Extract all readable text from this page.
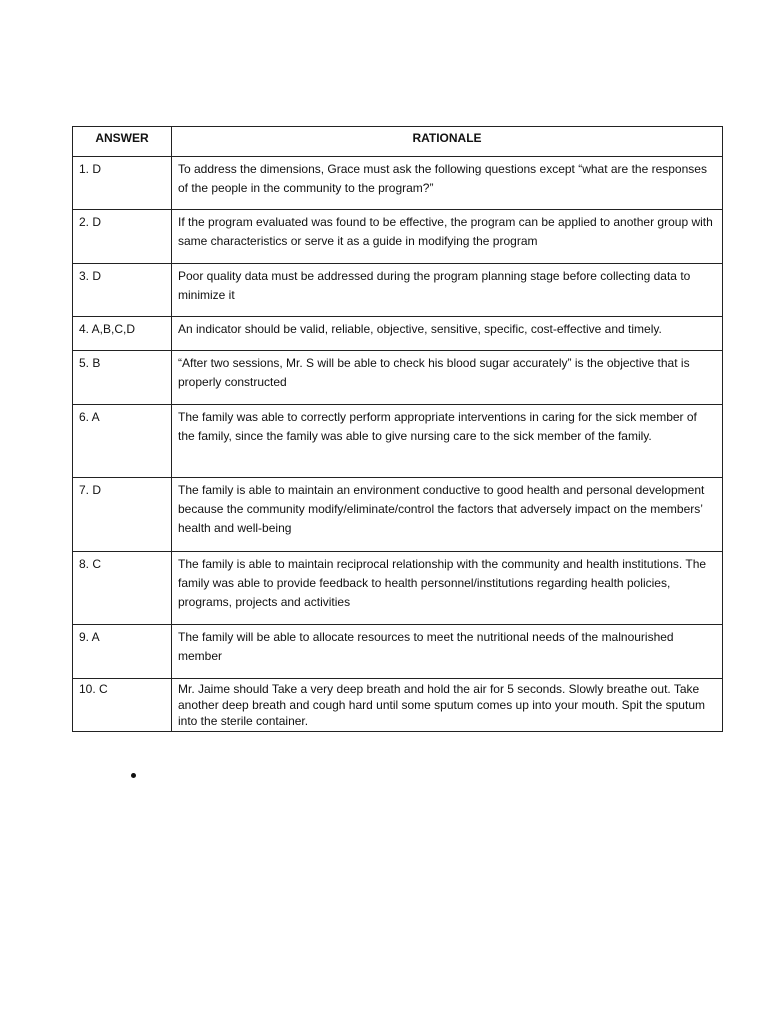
ANSWER	RATIONALE
1. D	To address the dimensions, Grace must ask the following questions except “what are the responses of the people in the community to the program?”
2. D	If the program evaluated was found to be effective, the program can be applied to another group with same characteristics or serve it as a guide in modifying the program
3. D	Poor quality data must be addressed during the program planning stage before collecting data to minimize it
4. A,B,C,D	An indicator should be valid, reliable, objective, sensitive, specific, cost-effective and timely.
5. B	“After two sessions, Mr. S will be able to check his blood sugar accurately” is the objective that is properly constructed
6. A	The family was able to correctly perform appropriate interventions in caring for the sick member of the family, since the family was able to give nursing care to the sick member of the family.
7. D	The family is able to maintain an environment conductive to good health and personal development because the community modify/eliminate/control the factors that adversely impact on the members’ health and well-being
8. C	The family is able to maintain reciprocal relationship with the community and health institutions. The family was able to provide feedback to health personnel/institutions regarding health policies, programs, projects and activities
9. A	The family will be able to allocate resources to meet the nutritional needs of the malnourished member
10. C	Mr. Jaime should Take a very deep breath and hold the air for 5 seconds. Slowly breathe out. Take another deep breath and cough hard until some sputum comes up into your mouth. Spit the sputum into the sterile container.
